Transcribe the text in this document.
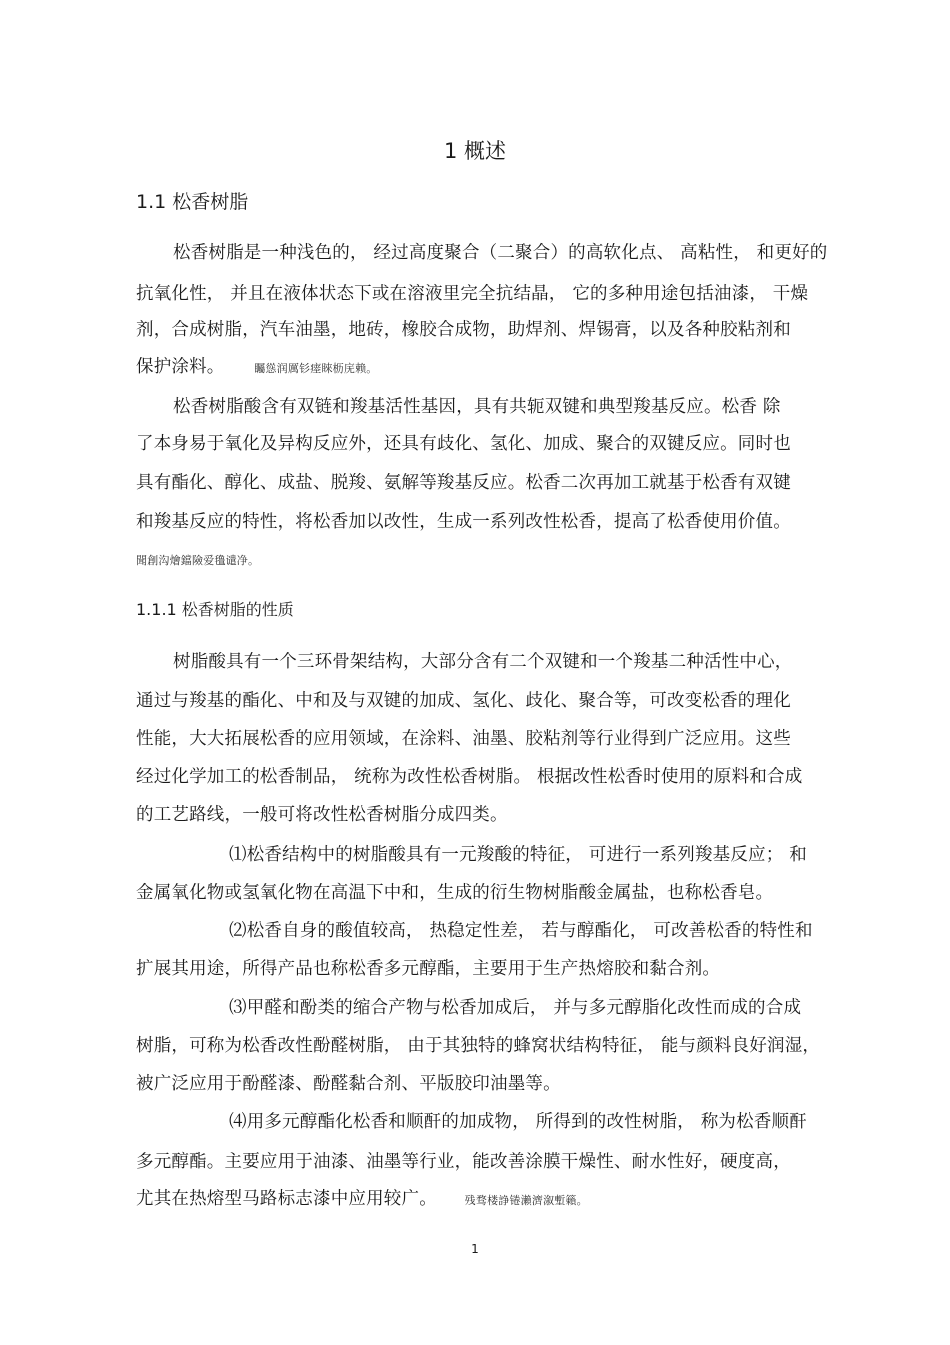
1 概述
1.1 松香树脂
松香树脂是一种浅色的， 经过高度聚合（二聚合）的高软化点、 高粘性， 和更好的
抗氧化性， 并且在液体状态下或在溶液里完全抗结晶， 它的多种用途包括油漆， 干燥
剂，合成树脂，汽车油墨，地砖，橡胶合成物，助焊剂、焊锡膏，以及各种胶粘剂和
保护涂料。	矚慫润厲钐瘗睞枥庑赖。
松香树脂酸含有双链和羧基活性基因，具有共轭双键和典型羧基反应。松香 除
了本身易于氧化及异构反应外，还具有歧化、氢化、加成、聚合的双键反应。同时也
具有酯化、醇化、成盐、脱羧、氨解等羧基反应。松香二次再加工就基于松香有双键
和羧基反应的特性，将松香加以改性，生成一系列改性松香，提高了松香使用价值。
聞創沟燴鐺險爱氇谴净。
1.1.1 松香树脂的性质
树脂酸具有一个三环骨架结构，大部分含有二个双键和一个羧基二种活性中心，
通过与羧基的酯化、中和及与双键的加成、氢化、歧化、聚合等，可改变松香的理化
性能，大大拓展松香的应用领域，在涂料、油墨、胶粘剂等行业得到广泛应用。这些
经过化学加工的松香制品， 统称为改性松香树脂。 根据改性松香时使用的原料和合成
的工艺路线，一般可将改性松香树脂分成四类。
⑴松香结构中的树脂酸具有一元羧酸的特征， 可进行一系列羧基反应； 和
金属氧化物或氢氧化物在高温下中和，生成的衍生物树脂酸金属盐，也称松香皂。
⑵松香自身的酸值较高， 热稳定性差， 若与醇酯化， 可改善松香的特性和
扩展其用途，所得产品也称松香多元醇酯，主要用于生产热熔胶和黏合剂。
⑶甲醛和酚类的缩合产物与松香加成后， 并与多元醇脂化改性而成的合成
树脂，可称为松香改性酚醛树脂， 由于其独特的蜂窝状结构特征， 能与颜料良好润湿，
被广泛应用于酚醛漆、酚醛黏合剂、平版胶印油墨等。
⑷用多元醇酯化松香和顺酐的加成物， 所得到的改性树脂， 称为松香顺酐
多元醇酯。主要应用于油漆、油墨等行业，能改善涂膜干燥性、耐水性好，硬度高，
尤其在热熔型马路标志漆中应用较广。	残骛楼諍锩瀨濟溆塹籟。
1
